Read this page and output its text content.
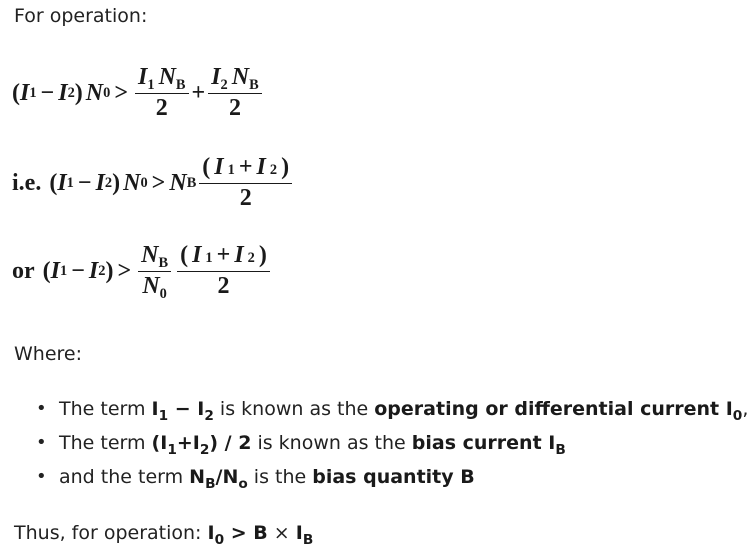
For operation:
( I 1 − I 2 ) N $0 > \frac{I_1 N_B}{2} + \frac{I_2 N_B}{2}$
i.e. ( I 1 − I 2 ) N 0 > N B $\frac{( I 1 + I 2 )}{2}$
or ( I 1 − I 2 ) > $\frac{N_B}{N_0} \frac{( I 1 + I 2 )}{2}$
Where:
• The term $I_1 - I_2$ is known as the operating or differential current $I_0$,
• The term $(I_1+I_2) / 2$ is known as the bias current $I_B$
• and the term $N_B/N_o$ is the bias quantity B
Thus, for operation: $I_0 > B \times I_B$
